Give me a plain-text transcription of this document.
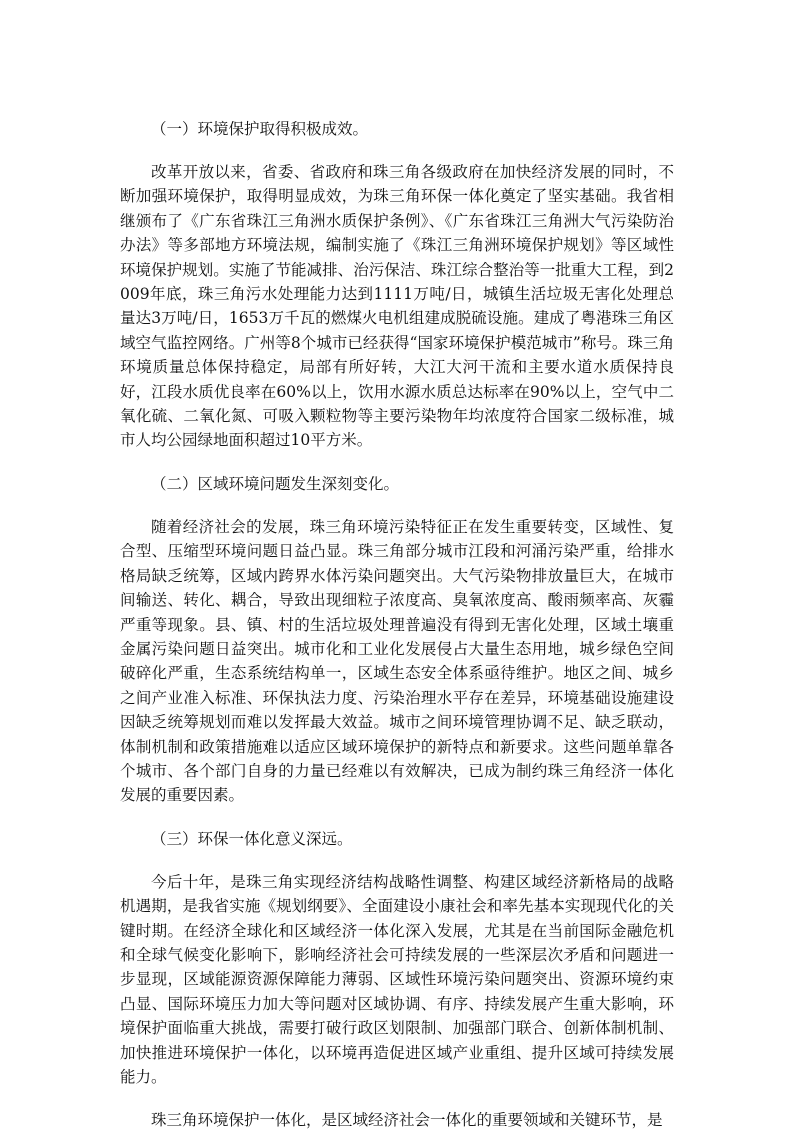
（一）环境保护取得积极成效。

改革开放以来，省委、省政府和珠三角各级政府在加快经济发展的同时，不断加强环境保护，取得明显成效，为珠三角环保一体化奠定了坚实基础。我省相继颁布了《广东省珠江三角洲水质保护条例》、《广东省珠江三角洲大气污染防治办法》等多部地方环境法规，编制实施了《珠江三角洲环境保护规划》等区域性环境保护规划。实施了节能减排、治污保洁、珠江综合整治等一批重大工程，到2009年底，珠三角污水处理能力达到1111万吨/日，城镇生活垃圾无害化处理总量达3万吨/日，1653万千瓦的燃煤火电机组建成脱硫设施。建成了粤港珠三角区域空气监控网络。广州等8个城市已经获得“国家环境保护模范城市”称号。珠三角环境质量总体保持稳定，局部有所好转，大江大河干流和主要水道水质保持良好，江段水质优良率在60%以上，饮用水源水质总达标率在90%以上，空气中二氧化硫、二氧化氮、可吸入颗粒物等主要污染物年均浓度符合国家二级标准，城市人均公园绿地面积超过10平方米。

（二）区域环境问题发生深刻变化。

随着经济社会的发展，珠三角环境污染特征正在发生重要转变，区域性、复合型、压缩型环境问题日益凸显。珠三角部分城市江段和河涌污染严重，给排水格局缺乏统筹，区域内跨界水体污染问题突出。大气污染物排放量巨大，在城市间输送、转化、耦合，导致出现细粒子浓度高、臭氧浓度高、酸雨频率高、灰霾严重等现象。县、镇、村的生活垃圾处理普遍没有得到无害化处理，区域土壤重金属污染问题日益突出。城市化和工业化发展侵占大量生态用地，城乡绿色空间破碎化严重，生态系统结构单一，区域生态安全体系亟待维护。地区之间、城乡之间产业准入标准、环保执法力度、污染治理水平存在差异，环境基础设施建设因缺乏统筹规划而难以发挥最大效益。城市之间环境管理协调不足、缺乏联动，体制机制和政策措施难以适应区域环境保护的新特点和新要求。这些问题单靠各个城市、各个部门自身的力量已经难以有效解决，已成为制约珠三角经济一体化发展的重要因素。

（三）环保一体化意义深远。

今后十年，是珠三角实现经济结构战略性调整、构建区域经济新格局的战略机遇期，是我省实施《规划纲要》、全面建设小康社会和率先基本实现现代化的关键时期。在经济全球化和区域经济一体化深入发展，尤其是在当前国际金融危机和全球气候变化影响下，影响经济社会可持续发展的一些深层次矛盾和问题进一步显现，区域能源资源保障能力薄弱、区域性环境污染问题突出、资源环境约束凸显、国际环境压力加大等问题对区域协调、有序、持续发展产生重大影响，环境保护面临重大挑战，需要打破行政区划限制、加强部门联合、创新体制机制、加快推进环境保护一体化，以环境再造促进区域产业重组、提升区域可持续发展能力。

珠三角环境保护一体化，是区域经济社会一体化的重要领域和关键环节，是
